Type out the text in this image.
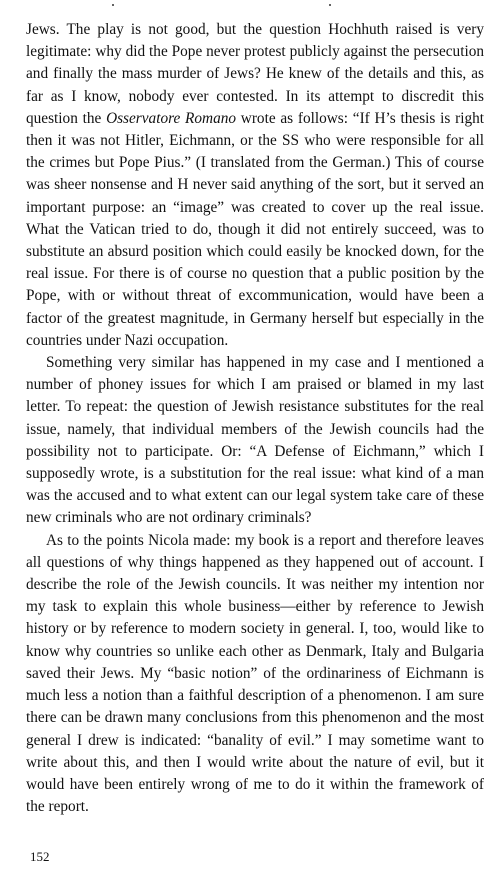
Jews. The play is not good, but the question Hochhuth raised is very legitimate: why did the Pope never protest publicly against the persecution and finally the mass murder of Jews? He knew of the details and this, as far as I know, nobody ever contested. In its attempt to discredit this question the Osservatore Romano wrote as follows: “If H’s thesis is right then it was not Hitler, Eichmann, or the SS who were responsible for all the crimes but Pope Pius.” (I translated from the German.) This of course was sheer nonsense and H never said anything of the sort, but it served an important purpose: an “image” was created to cover up the real issue. What the Vatican tried to do, though it did not entirely succeed, was to substitute an absurd position which could easily be knocked down, for the real issue. For there is of course no question that a public position by the Pope, with or without threat of excommunication, would have been a factor of the greatest magnitude, in Germany herself but especially in the countries under Nazi occupation.

Something very similar has happened in my case and I mentioned a number of phoney issues for which I am praised or blamed in my last letter. To repeat: the question of Jewish resistance substitutes for the real issue, namely, that individual members of the Jewish councils had the possibility not to participate. Or: “A Defense of Eichmann,” which I supposedly wrote, is a substitution for the real issue: what kind of a man was the accused and to what extent can our legal system take care of these new criminals who are not ordinary criminals?

As to the points Nicola made: my book is a report and therefore leaves all questions of why things happened as they happened out of account. I describe the role of the Jewish councils. It was neither my intention nor my task to explain this whole business—either by reference to Jewish history or by reference to modern society in general. I, too, would like to know why countries so unlike each other as Denmark, Italy and Bulgaria saved their Jews. My “basic notion” of the ordinariness of Eichmann is much less a notion than a faithful description of a phenomenon. I am sure there can be drawn many conclusions from this phenomenon and the most general I drew is indicated: “banality of evil.” I may sometime want to write about this, and then I would write about the nature of evil, but it would have been entirely wrong of me to do it within the framework of the report.

152
